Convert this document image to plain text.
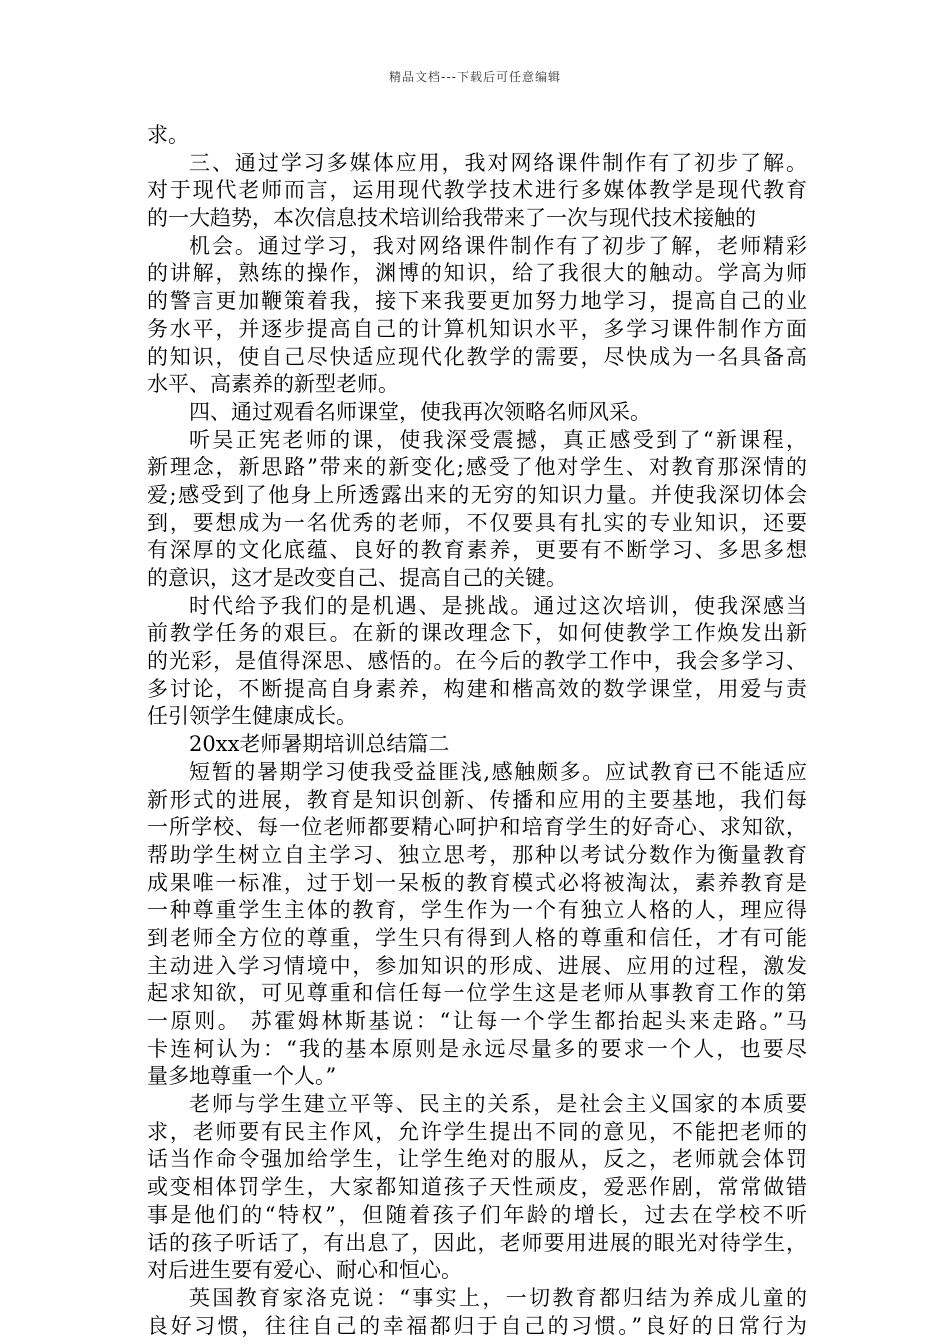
精品文档---下载后可任意编辑
求。
三、通过学习多媒体应用，我对网络课件制作有了初步了解。
对于现代老师而言，运用现代教学技术进行多媒体教学是现代教育
的一大趋势，本次信息技术培训给我带来了一次与现代技术接触的
机会。通过学习，我对网络课件制作有了初步了解，老师精彩
的讲解，熟练的操作，渊博的知识，给了我很大的触动。学高为师
的警言更加鞭策着我，接下来我要更加努力地学习，提高自己的业
务水平，并逐步提高自己的计算机知识水平，多学习课件制作方面
的知识，使自己尽快适应现代化教学的需要，尽快成为一名具备高
水平、高素养的新型老师。
四、通过观看名师课堂，使我再次领略名师风采。
听吴正宪老师的课，使我深受震撼，真正感受到了“新课程，
新理念，新思路”带来的新变化;感受了他对学生、对教育那深情的
爱;感受到了他身上所透露出来的无穷的知识力量。并使我深切体会
到，要想成为一名优秀的老师，不仅要具有扎实的专业知识，还要
有深厚的文化底蕴、良好的教育素养，更要有不断学习、多思多想
的意识，这才是改变自己、提高自己的关键。
时代给予我们的是机遇、是挑战。通过这次培训，使我深感当
前教学任务的艰巨。在新的课改理念下，如何使教学工作焕发出新
的光彩，是值得深思、感悟的。在今后的教学工作中，我会多学习、
多讨论，不断提高自身素养，构建和楷高效的数学课堂，用爱与责
任引领学生健康成长。
20xx老师暑期培训总结篇二
短暂的暑期学习使我受益匪浅,感触颇多。应试教育已不能适应
新形式的进展，教育是知识创新、传播和应用的主要基地，我们每
一所学校、每一位老师都要精心呵护和培育学生的好奇心、求知欲，
帮助学生树立自主学习、独立思考，那种以考试分数作为衡量教育
成果唯一标准，过于划一呆板的教育模式必将被淘汰，素养教育是
一种尊重学生主体的教育，学生作为一个有独立人格的人，理应得
到老师全方位的尊重，学生只有得到人格的尊重和信任，才有可能
主动进入学习情境中，参加知识的形成、进展、应用的过程，激发
起求知欲，可见尊重和信任每一位学生这是老师从事教育工作的第
一原则。 苏霍姆林斯基说：“让每一个学生都抬起头来走路。”马
卡连柯认为：“我的基本原则是永远尽量多的要求一个人，也要尽
量多地尊重一个人。”
老师与学生建立平等、民主的关系，是社会主义国家的本质要
求，老师要有民主作风，允许学生提出不同的意见，不能把老师的
话当作命令强加给学生，让学生绝对的服从，反之，老师就会体罚
或变相体罚学生，大家都知道孩子天性顽皮，爱恶作剧，常常做错
事是他们的“特权”，但随着孩子们年龄的增长，过去在学校不听
话的孩子听话了，有出息了，因此，老师要用进展的眼光对待学生，
对后进生要有爱心、耐心和恒心。
英国教育家洛克说：“事实上，一切教育都归结为养成儿童的
良好习惯，往往自己的幸福都归于自己的习惯。”良好的日常行为
